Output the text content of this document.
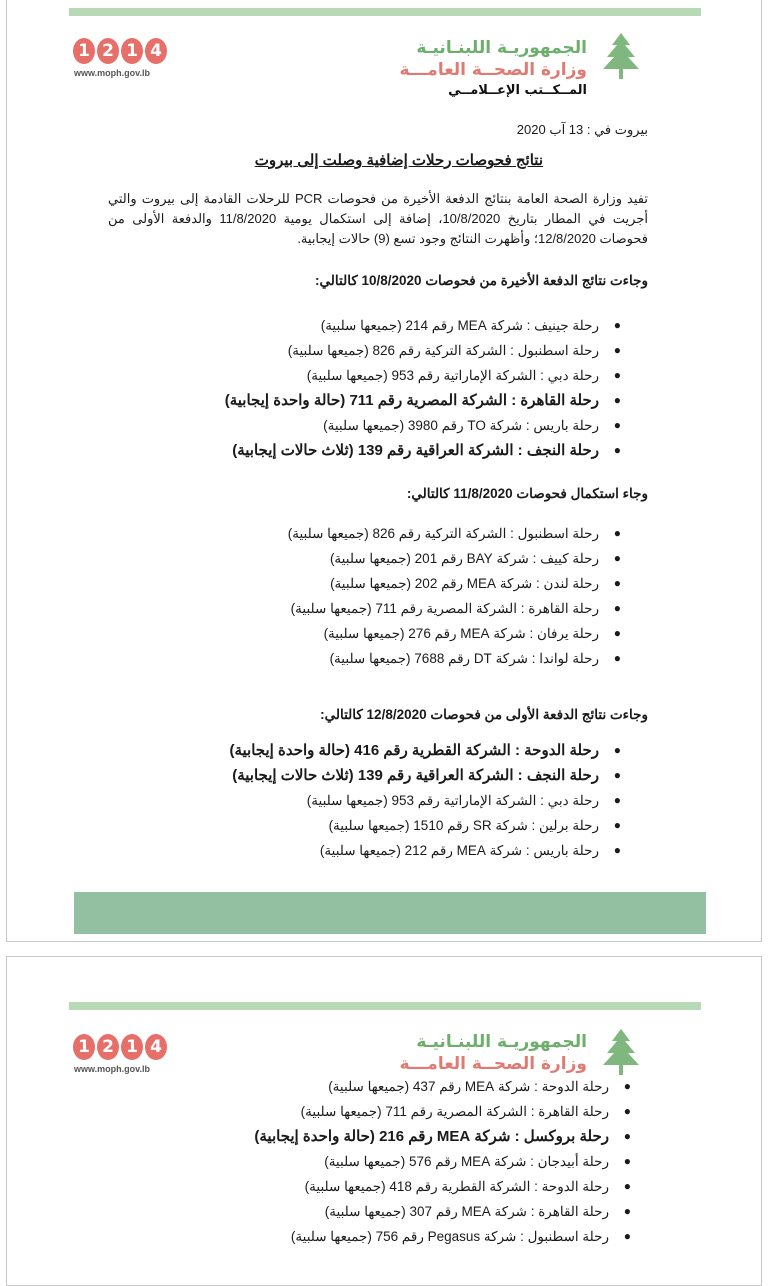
1 2 1 4
www.moph.gov.lb
الجمهوريـة اللبنـانيـة
وزارة الصحــة العامـــة
المــكــتب الإعــلامــي
بيروت في : 13 آب 2020
نتائج فحوصات رحلات إضافية وصلت إلى بيروت
تفيد وزارة الصحة العامة بنتائج الدفعة الأخيرة من فحوصات PCR للرحلات القادمة إلى بيروت والتي أجريت في المطار بتاريخ 10/8/2020، إضافة إلى استكمال يومية 11/8/2020 والدفعة الأولى من فحوصات 12/8/2020؛ وأظهرت النتائج وجود تسع (9) حالات إيجابية.
وجاءت نتائج الدفعة الأخيرة من فحوصات 10/8/2020 كالتالي:
●
رحلة جينيف : شركة MEA رقم 214 (جميعها سلبية)
●
رحلة اسطنبول : الشركة التركية رقم 826 (جميعها سلبية)
●
رحلة دبي : الشركة الإماراتية رقم 953 (جميعها سلبية)
●
رحلة القاهرة : الشركة المصرية رقم 711 (حالة واحدة إيجابية)
●
رحلة باريس : شركة TO رقم 3980 (جميعها سلبية)
●
رحلة النجف : الشركة العراقية رقم 139 (ثلاث حالات إيجابية)
وجاء استكمال فحوصات 11/8/2020 كالتالي:
●
رحلة اسطنبول : الشركة التركية رقم 826 (جميعها سلبية)
●
رحلة كييف : شركة BAY رقم 201 (جميعها سلبية)
●
رحلة لندن : شركة MEA رقم 202 (جميعها سلبية)
●
رحلة القاهرة : الشركة المصرية رقم 711 (جميعها سلبية)
●
رحلة يرفان : شركة MEA رقم 276 (جميعها سلبية)
●
رحلة لواندا : شركة DT رقم 7688 (جميعها سلبية)
وجاءت نتائج الدفعة الأولى من فحوصات 12/8/2020 كالتالي:
●
رحلة الدوحة : الشركة القطرية رقم 416 (حالة واحدة إيجابية)
●
رحلة النجف : الشركة العراقية رقم 139 (ثلاث حالات إيجابية)
●
رحلة دبي : الشركة الإماراتية رقم 953 (جميعها سلبية)
●
رحلة برلين : شركة SR رقم 1510 (جميعها سلبية)
●
رحلة باريس : شركة MEA رقم 212 (جميعها سلبية)
1 2 1 4
www.moph.gov.lb
الجمهوريـة اللبنـانيـة
وزارة الصحــة العامـــة
●
رحلة الدوحة : شركة MEA رقم 437 (جميعها سلبية)
●
رحلة القاهرة : الشركة المصرية رقم 711 (جميعها سلبية)
●
رحلة بروكسل : شركة MEA رقم 216 (حالة واحدة إيجابية)
●
رحلة أبيدجان : شركة MEA رقم 576 (جميعها سلبية)
●
رحلة الدوحة : الشركة القطرية رقم 418 (جميعها سلبية)
●
رحلة القاهرة : شركة MEA رقم 307 (جميعها سلبية)
●
رحلة اسطنبول : شركة Pegasus رقم 756 (جميعها سلبية)
